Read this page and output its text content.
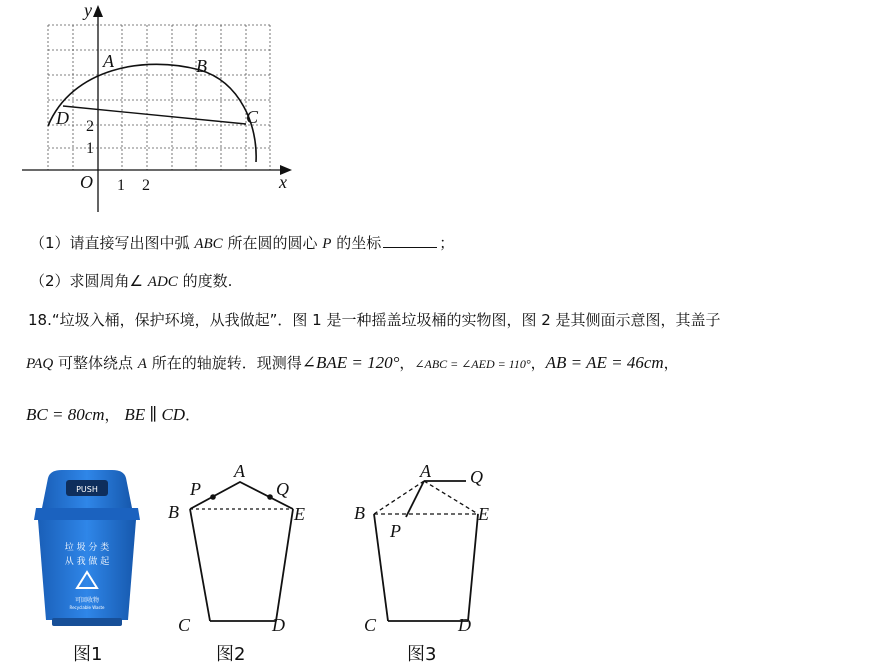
x
y
O 1 2
1
2
A	B
C
D
（1）请直接写出图中弧 ABC 所在圆的圆心 P 的坐标	；
（2）求圆周角∠ ADC 的度数.
18.“垃圾入桶，保护环境，从我做起”．图 1 是一种摇盖垃圾桶的实物图，图 2 是其侧面示意图，其盖子
PAQ 可整体绕点 A 所在的轴旋转．现测得∠BAE = 120°，∠ABC = ∠AED = 110°，AB = AE = 46cm，
BC = 80cm， BE ∥ CD．
PUSH
垃 圾 分 类
从 我 做 起
可回收物
Recyclable Waste
A
B
C	D
E
P	Q
A
B
C	D
E
P
Q
图1	图2	图3
